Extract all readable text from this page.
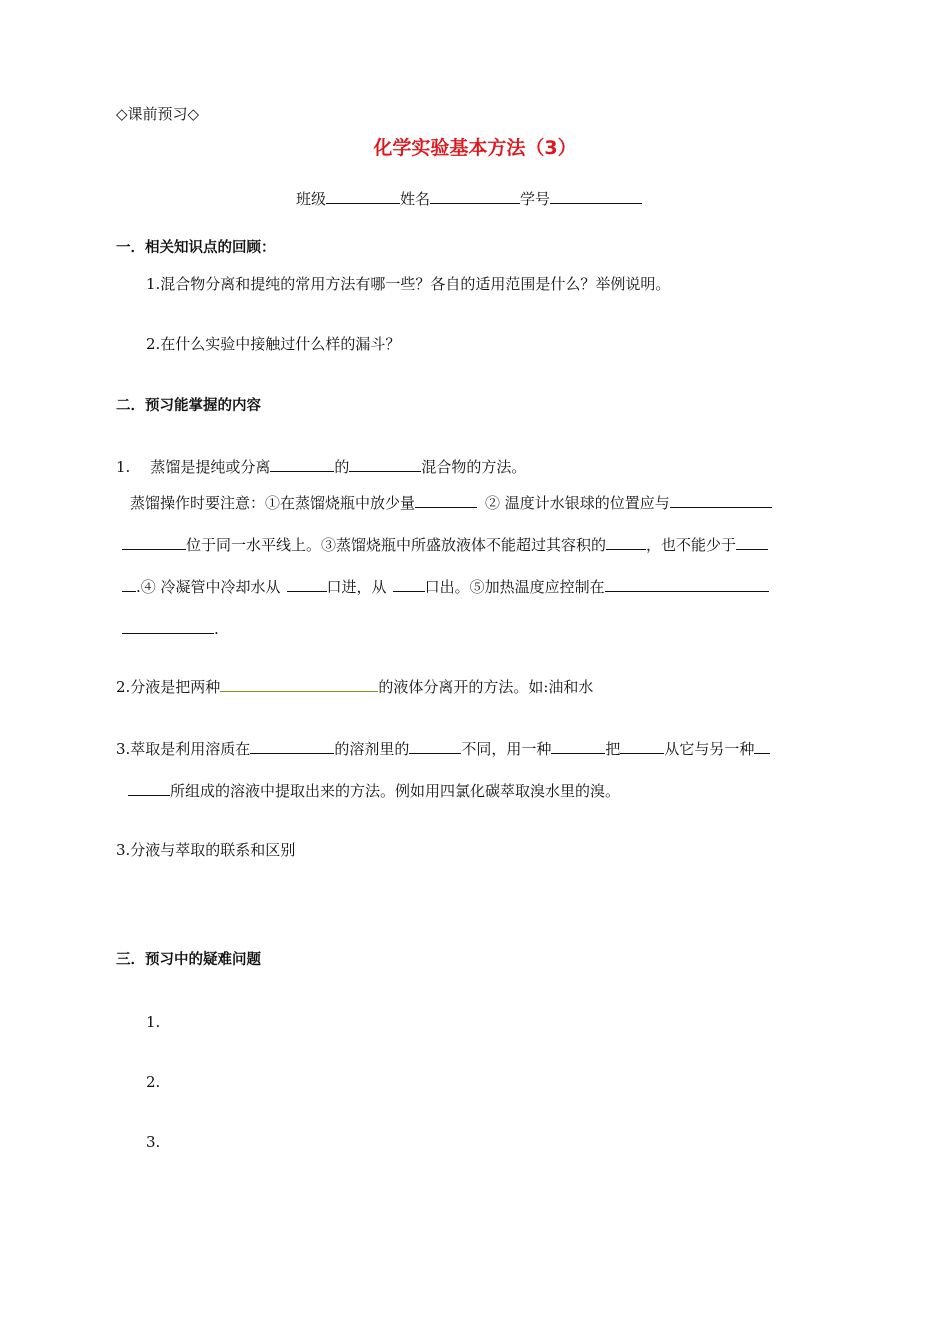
◇课前预习◇
化学实验基本方法（3）
班级	姓名	学号
一．相关知识点的回顾：
1.混合物分离和提纯的常用方法有哪一些？各自的适用范围是什么？举例说明。
2.在什么实验中接触过什么样的漏斗？
二．预习能掌握的内容
1. 蒸馏是提纯或分离	的	混合物的方法。
蒸馏操作时要注意：①在蒸馏烧瓶中放少量	② 温度计水银球的位置应与
位于同一水平线上。③蒸馏烧瓶中所盛放液体不能超过其容积的	，也不能少于
.④ 冷凝管中冷却水从	口进，从	口出。⑤加热温度应控制在
.
2.分液是把两种	的液体分离开的方法。如:油和水
3.萃取是利用溶质在	的溶剂里的	不同，用一种	把	从它与另一种
所组成的溶液中提取出来的方法。例如用四氯化碳萃取溴水里的溴。
3.分液与萃取的联系和区别
三．预习中的疑难问题
1.
2.
3.
